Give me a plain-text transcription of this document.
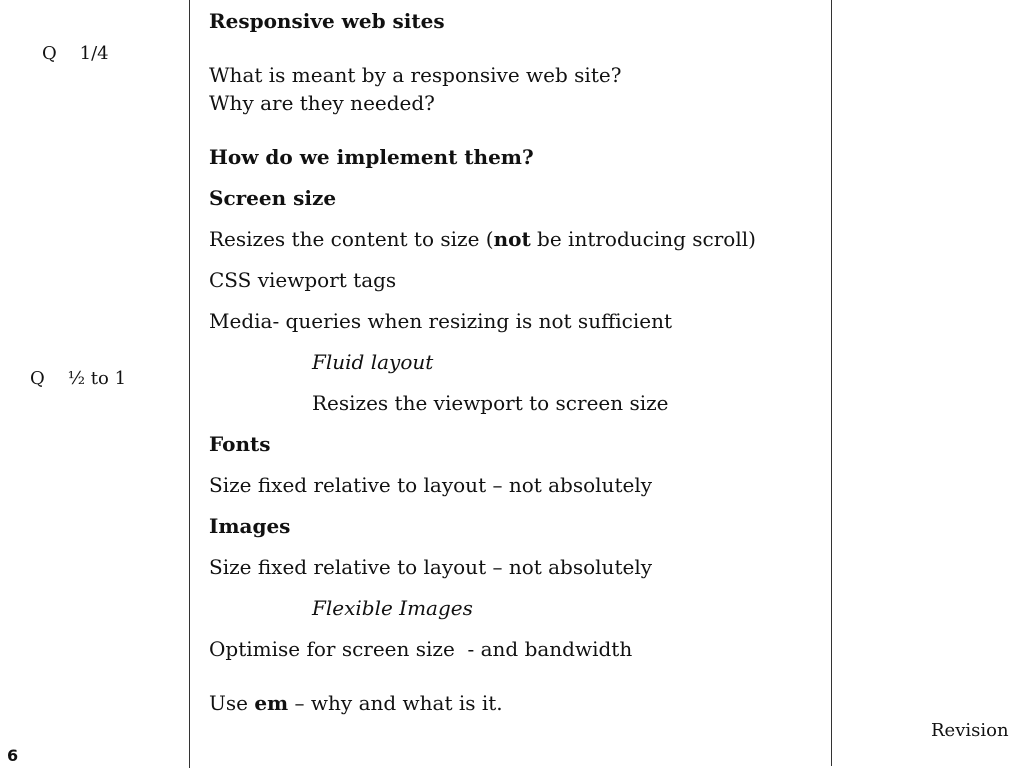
Q    1/4
Q    ½ to 1
6
Revision
Responsive web sites
What is meant by a responsive web site?
Why are they needed?
How do we implement them?
Screen size
Resizes the content to size (not be introducing scroll)
CSS viewport tags
Media- queries when resizing is not sufficient
Fluid layout
Resizes the viewport to screen size
Fonts
Size fixed relative to layout – not absolutely
Images
Size fixed relative to layout – not absolutely
Flexible Images
Optimise for screen size  - and bandwidth
Use em – why and what is it.
